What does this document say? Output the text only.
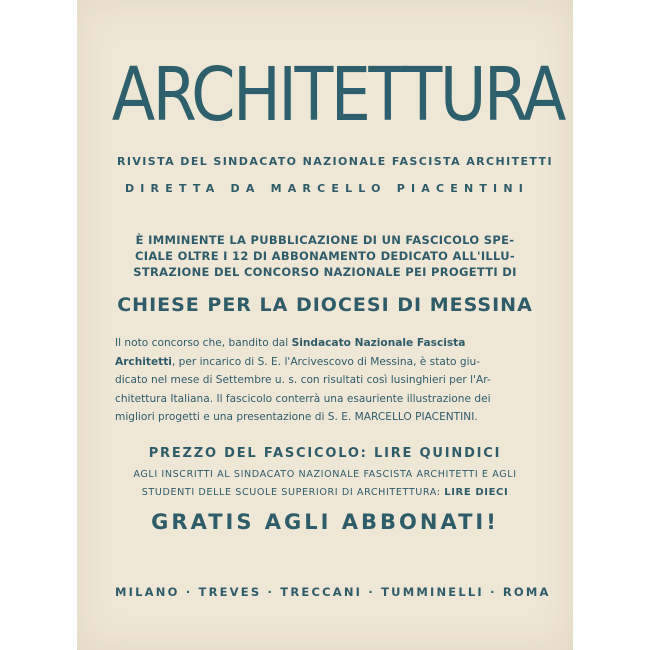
ARCHITETTURA
RIVISTA DEL SINDACATO NAZIONALE FASCISTA ARCHITETTI
DIRETTA DA MARCELLO PIACENTINI
È IMMINENTE LA PUBBLICAZIONE DI UN FASCICOLO SPE-
CIALE OLTRE I 12 DI ABBONAMENTO DEDICATO ALL'ILLU-
STRAZIONE DEL CONCORSO NAZIONALE PEI PROGETTI DI
CHIESE PER LA DIOCESI DI MESSINA
Il noto concorso che, bandito dal Sindacato Nazionale Fascista
Architetti, per incarico di S. E. l'Arcivescovo di Messina, è stato giu-
dicato nel mese di Settembre u. s. con risultati così lusinghieri per l'Ar-
chitettura Italiana. Il fascicolo conterrà una esauriente illustrazione dei
migliori progetti e una presentazione di S. E. MARCELLO PIACENTINI.
PREZZO DEL FASCICOLO: LIRE QUINDICI
AGLI INSCRITTI AL SINDACATO NAZIONALE FASCISTA ARCHITETTI E AGLI
STUDENTI DELLE SCUOLE SUPERIORI DI ARCHITETTURA: LIRE DIECI
GRATIS AGLI ABBONATI!
MILANO · TREVES · TRECCANI · TUMMINELLI · ROMA
